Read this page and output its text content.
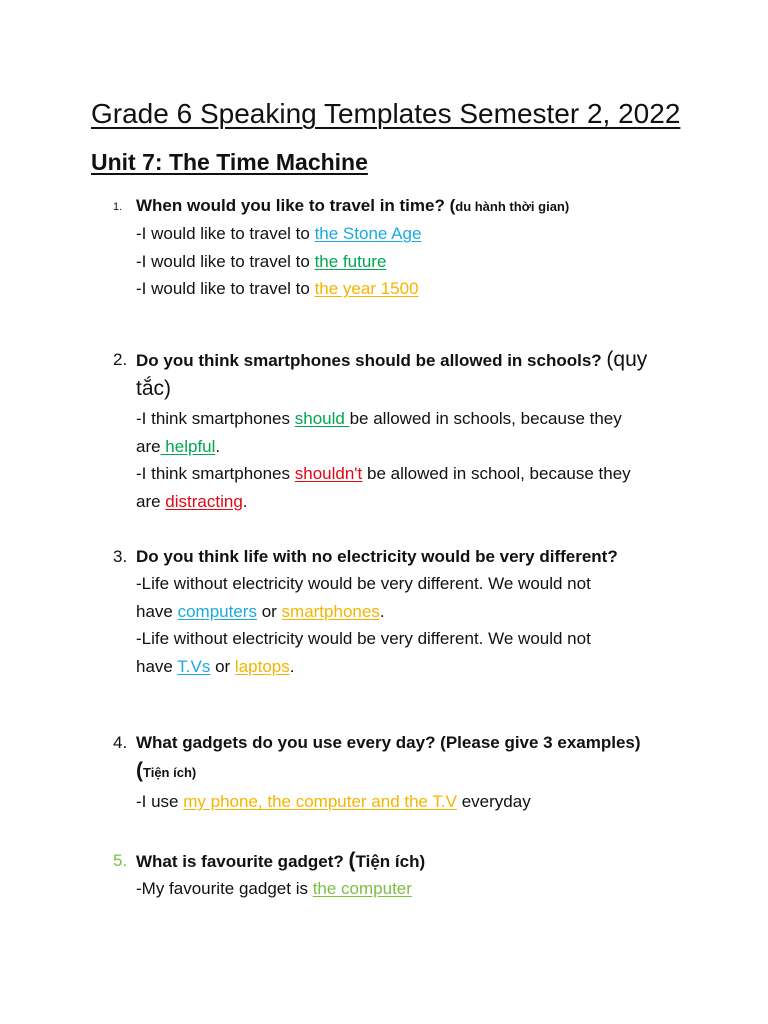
Grade 6 Speaking Templates Semester 2, 2022
Unit 7: The Time Machine
1. When would you like to travel in time? (du hành thời gian)
-I would like to travel to the Stone Age
-I would like to travel to the future
-I would like to travel to the year 1500
2. Do you think smartphones should be allowed in schools? (quy
tắc)
-I think smartphones should be allowed in schools, because they
are helpful.
-I think smartphones shouldn't be allowed in school, because they
are distracting.
3. Do you think life with no electricity would be very different?
-Life without electricity would be very different. We would not
have computers or smartphones.
-Life without electricity would be very different. We would not
have T.Vs or laptops.
4. What gadgets do you use every day? (Please give 3 examples)
(Tiện ích)
-I use my phone, the computer and the T.V everyday
5. What is favourite gadget? (Tiện ích)
-My favourite gadget is the computer
